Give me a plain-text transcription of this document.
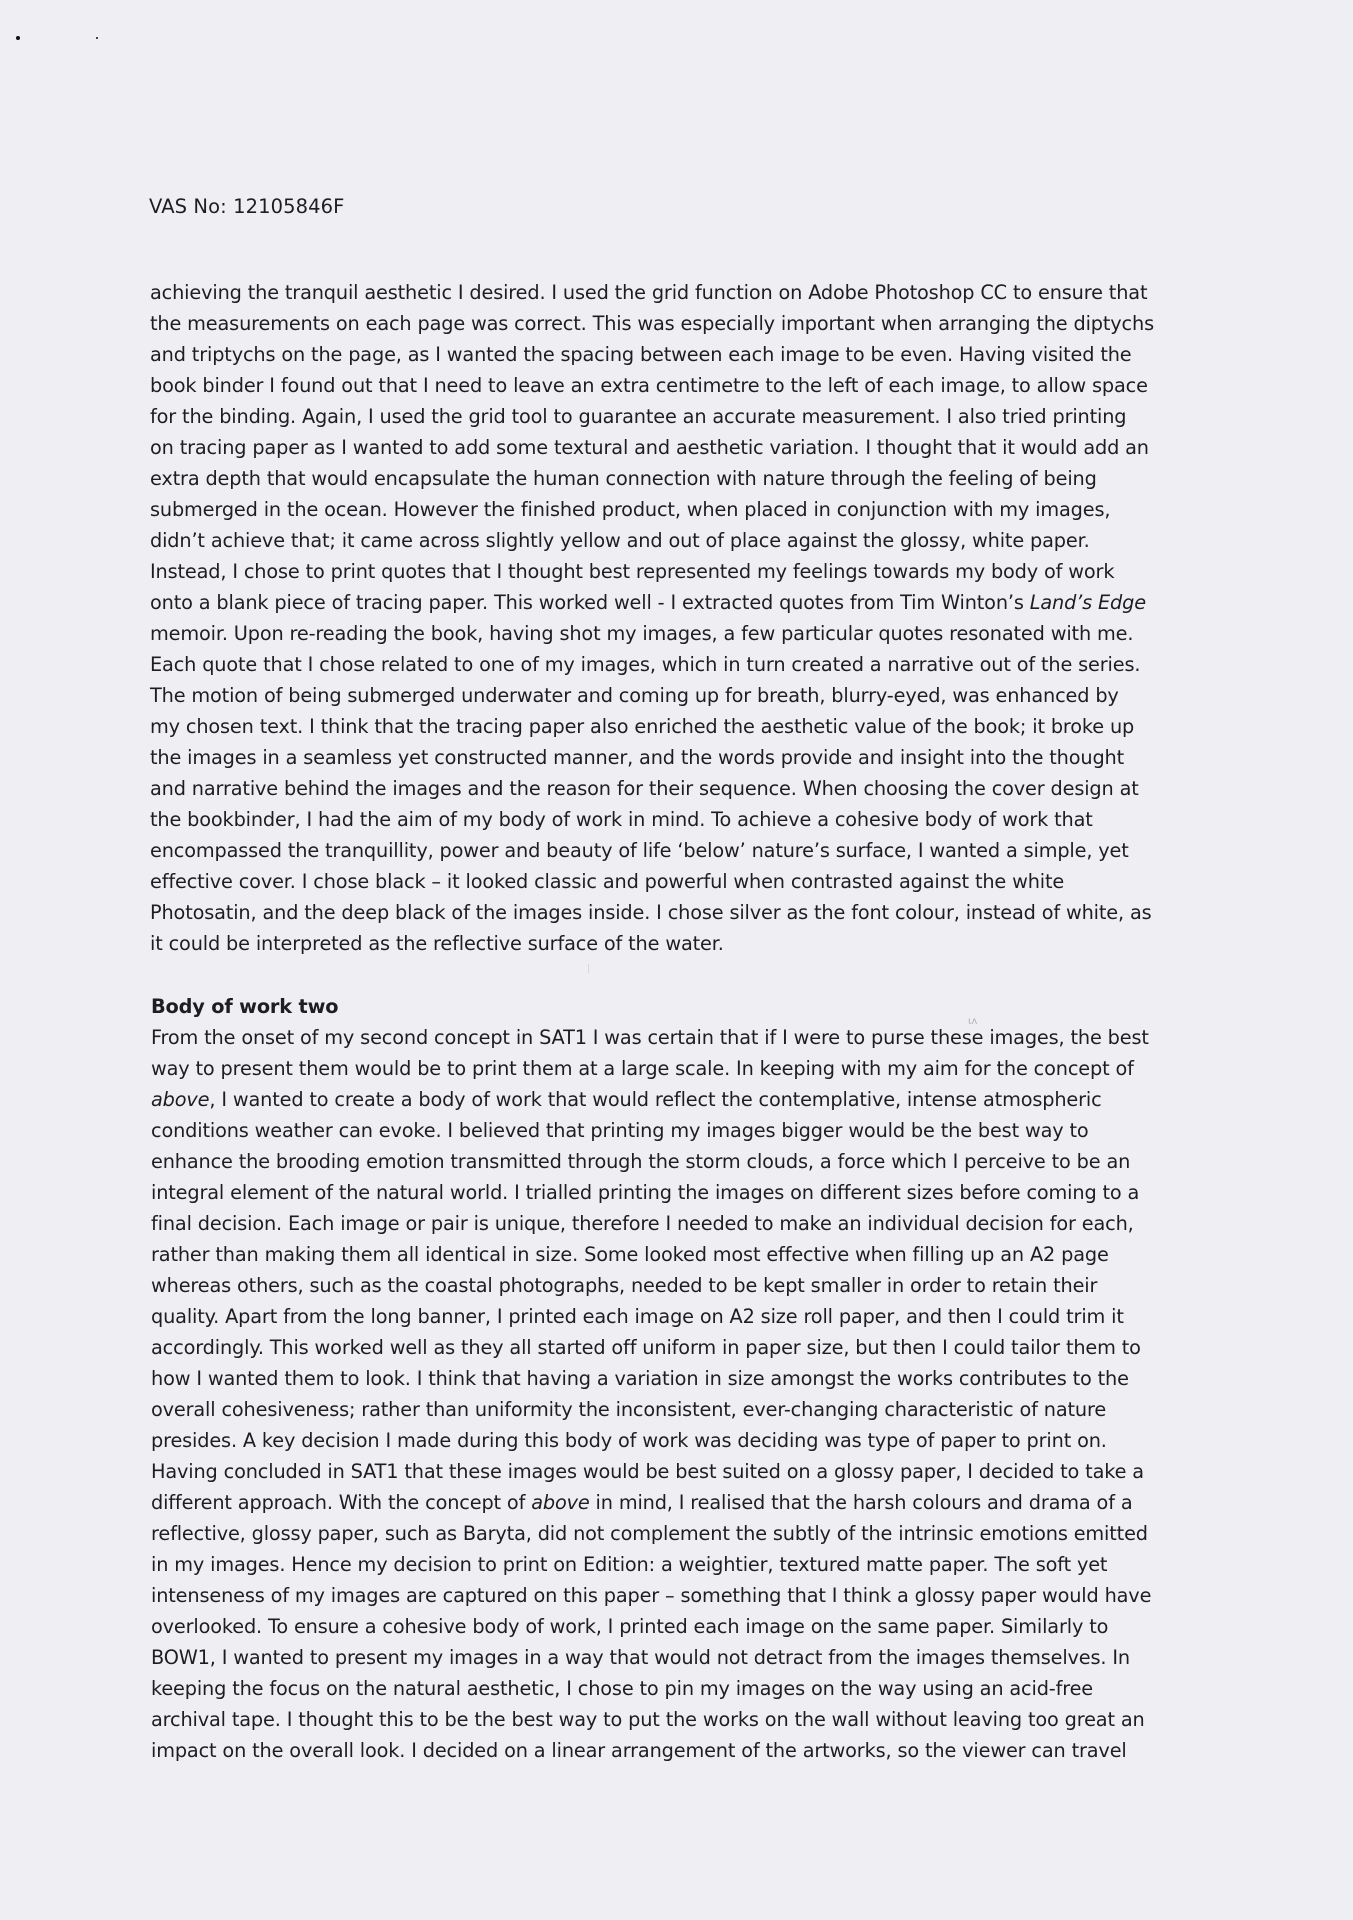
VAS No: 12105846F
achieving the tranquil aesthetic I desired. I used the grid function on Adobe Photoshop CC to ensure that
the measurements on each page was correct. This was especially important when arranging the diptychs
and triptychs on the page, as I wanted the spacing between each image to be even. Having visited the
book binder I found out that I need to leave an extra centimetre to the left of each image, to allow space
for the binding. Again, I used the grid tool to guarantee an accurate measurement. I also tried printing
on tracing paper as I wanted to add some textural and aesthetic variation. I thought that it would add an
extra depth that would encapsulate the human connection with nature through the feeling of being
submerged in the ocean. However the finished product, when placed in conjunction with my images,
didn’t achieve that; it came across slightly yellow and out of place against the glossy, white paper.
Instead, I chose to print quotes that I thought best represented my feelings towards my body of work
onto a blank piece of tracing paper. This worked well - I extracted quotes from Tim Winton’s Land’s Edge
memoir. Upon re-reading the book, having shot my images, a few particular quotes resonated with me.
Each quote that I chose related to one of my images, which in turn created a narrative out of the series.
The motion of being submerged underwater and coming up for breath, blurry-eyed, was enhanced by
my chosen text. I think that the tracing paper also enriched the aesthetic value of the book; it broke up
the images in a seamless yet constructed manner, and the words provide and insight into the thought
and narrative behind the images and the reason for their sequence. When choosing the cover design at
the bookbinder, I had the aim of my body of work in mind. To achieve a cohesive body of work that
encompassed the tranquillity, power and beauty of life ‘below’ nature’s surface, I wanted a simple, yet
effective cover. I chose black – it looked classic and powerful when contrasted against the white
Photosatin, and the deep black of the images inside. I chose silver as the font colour, instead of white, as
it could be interpreted as the reflective surface of the water.
ɩʌ
Body of work two
From the onset of my second concept in SAT1 I was certain that if I were to purse these images, the best
way to present them would be to print them at a large scale. In keeping with my aim for the concept of
above, I wanted to create a body of work that would reflect the contemplative, intense atmospheric
conditions weather can evoke. I believed that printing my images bigger would be the best way to
enhance the brooding emotion transmitted through the storm clouds, a force which I perceive to be an
integral element of the natural world. I trialled printing the images on different sizes before coming to a
final decision. Each image or pair is unique, therefore I needed to make an individual decision for each,
rather than making them all identical in size. Some looked most effective when filling up an A2 page
whereas others, such as the coastal photographs, needed to be kept smaller in order to retain their
quality. Apart from the long banner, I printed each image on A2 size roll paper, and then I could trim it
accordingly. This worked well as they all started off uniform in paper size, but then I could tailor them to
how I wanted them to look. I think that having a variation in size amongst the works contributes to the
overall cohesiveness; rather than uniformity the inconsistent, ever-changing characteristic of nature
presides. A key decision I made during this body of work was deciding was type of paper to print on.
Having concluded in SAT1 that these images would be best suited on a glossy paper, I decided to take a
different approach. With the concept of above in mind, I realised that the harsh colours and drama of a
reflective, glossy paper, such as Baryta, did not complement the subtly of the intrinsic emotions emitted
in my images. Hence my decision to print on Edition: a weightier, textured matte paper. The soft yet
intenseness of my images are captured on this paper – something that I think a glossy paper would have
overlooked. To ensure a cohesive body of work, I printed each image on the same paper. Similarly to
BOW1, I wanted to present my images in a way that would not detract from the images themselves. In
keeping the focus on the natural aesthetic, I chose to pin my images on the way using an acid-free
archival tape. I thought this to be the best way to put the works on the wall without leaving too great an
impact on the overall look. I decided on a linear arrangement of the artworks, so the viewer can travel
